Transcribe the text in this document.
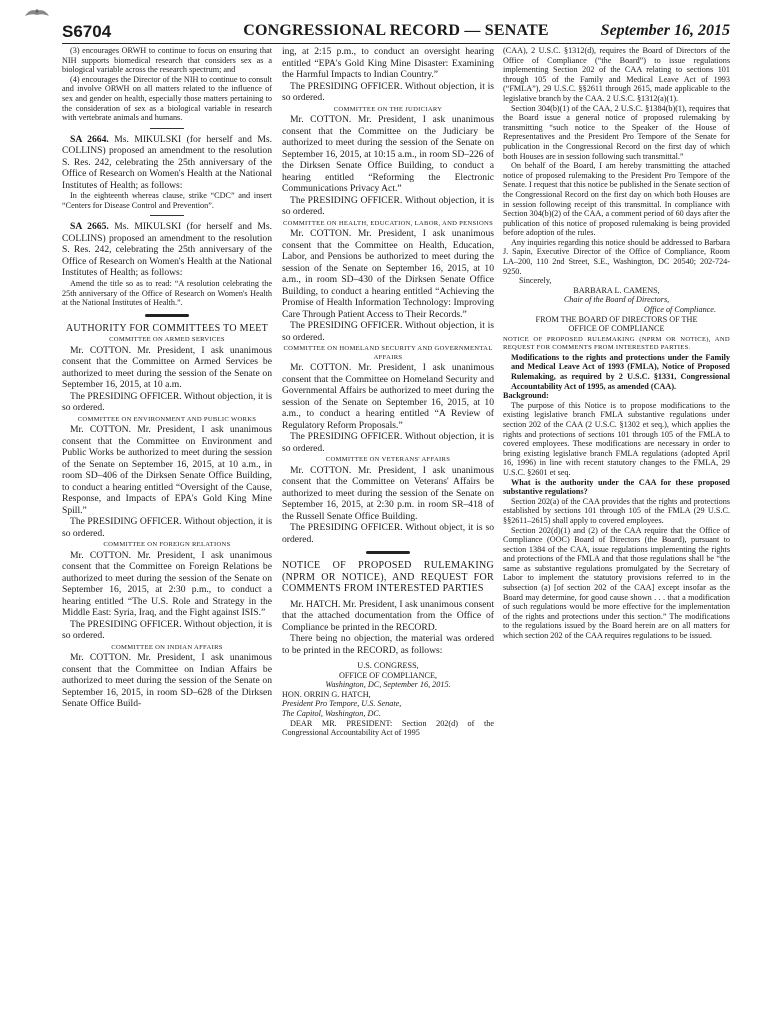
S6704	CONGRESSIONAL RECORD — SENATE	September 16, 2015

(3) encourages ORWH to continue to focus on ensuring that NIH supports biomedical research that considers sex as a biological variable across the research spectrum; and

(4) encourages the Director of the NIH to continue to consult and involve ORWH on all matters related to the influence of sex and gender on health, especially those matters pertaining to the consideration of sex as a biological variable in research with vertebrate animals and humans.

SA 2664. Ms. MIKULSKI (for herself and Ms. COLLINS) proposed an amendment to the resolution S. Res. 242, celebrating the 25th anniversary of the Office of Research on Women's Health at the National Institutes of Health; as follows:

In the eighteenth whereas clause, strike “CDC” and insert “Centers for Disease Control and Prevention”.

SA 2665. Ms. MIKULSKI (for herself and Ms. COLLINS) proposed an amendment to the resolution S. Res. 242, celebrating the 25th anniversary of the Office of Research on Women's Health at the National Institutes of Health; as follows:

Amend the title so as to read: “A resolution celebrating the 25th anniversary of the Office of Research on Women's Health at the National Institutes of Health.”.

AUTHORITY FOR COMMITTEES TO MEET

COMMITTEE ON ARMED SERVICES

Mr. COTTON. Mr. President, I ask unanimous consent that the Committee on Armed Services be authorized to meet during the session of the Senate on September 16, 2015, at 10 a.m.

The PRESIDING OFFICER. Without objection, it is so ordered.

COMMITTEE ON ENVIRONMENT AND PUBLIC WORKS

Mr. COTTON. Mr. President, I ask unanimous consent that the Committee on Environment and Public Works be authorized to meet during the session of the Senate on September 16, 2015, at 10 a.m., in room SD–406 of the Dirksen Senate Office Building, to conduct a hearing entitled “Oversight of the Cause, Response, and Impacts of EPA's Gold King Mine Spill.”

The PRESIDING OFFICER. Without objection, it is so ordered.

COMMITTEE ON FOREIGN RELATIONS

Mr. COTTON. Mr. President, I ask unanimous consent that the Committee on Foreign Relations be authorized to meet during the session of the Senate on September 16, 2015, at 2:30 p.m., to conduct a hearing entitled “The U.S. Role and Strategy in the Middle East: Syria, Iraq, and the Fight against ISIS.”

The PRESIDING OFFICER. Without objection, it is so ordered.

COMMITTEE ON INDIAN AFFAIRS

Mr. COTTON. Mr. President, I ask unanimous consent that the Committee on Indian Affairs be authorized to meet during the session of the Senate on September 16, 2015, in room SD–628 of the Dirksen Senate Office Build-

ing, at 2:15 p.m., to conduct an oversight hearing entitled “EPA's Gold King Mine Disaster: Examining the Harmful Impacts to Indian Country.”

The PRESIDING OFFICER. Without objection, it is so ordered.

COMMITTEE ON THE JUDICIARY

Mr. COTTON. Mr. President, I ask unanimous consent that the Committee on the Judiciary be authorized to meet during the session of the Senate on September 16, 2015, at 10:15 a.m., in room SD–226 of the Dirksen Senate Office Building, to conduct a hearing entitled “Reforming the Electronic Communications Privacy Act.”

The PRESIDING OFFICER. Without objection, it is so ordered.

COMMITTEE ON HEALTH, EDUCATION, LABOR, AND PENSIONS

Mr. COTTON. Mr. President, I ask unanimous consent that the Committee on Health, Education, Labor, and Pensions be authorized to meet during the session of the Senate on September 16, 2015, at 10 a.m., in room SD–430 of the Dirksen Senate Office Building, to conduct a hearing entitled “Achieving the Promise of Health Information Technology: Improving Care Through Patient Access to Their Records.”

The PRESIDING OFFICER. Without objection, it is so ordered.

COMMITTEE ON HOMELAND SECURITY AND GOVERNMENTAL AFFAIRS

Mr. COTTON. Mr. President, I ask unanimous consent that the Committee on Homeland Security and Governmental Affairs be authorized to meet during the session of the Senate on September 16, 2015, at 10 a.m., to conduct a hearing entitled “A Review of Regulatory Reform Proposals.”

The PRESIDING OFFICER. Without objection, it is so ordered.

COMMITTEE ON VETERANS' AFFAIRS

Mr. COTTON. Mr. President, I ask unanimous consent that the Committee on Veterans' Affairs be authorized to meet during the session of the Senate on September 16, 2015, at 2:30 p.m. in room SR–418 of the Russell Senate Office Building.

The PRESIDING OFFICER. Without object, it is so ordered.

NOTICE OF PROPOSED RULEMAKING (NPRM OR NOTICE), AND REQUEST FOR COMMENTS FROM INTERESTED PARTIES

Mr. HATCH. Mr. President, I ask unanimous consent that the attached documentation from the Office of Compliance be printed in the RECORD.

There being no objection, the material was ordered to be printed in the RECORD, as follows:

U.S. CONGRESS,

OFFICE OF COMPLIANCE,

Washington, DC, September 16, 2015.

HON. ORRIN G. HATCH,

President Pro Tempore, U.S. Senate,

The Capitol, Washington, DC.

DEAR MR. PRESIDENT: Section 202(d) of the Congressional Accountability Act of 1995

(CAA), 2 U.S.C. §1312(d), requires the Board of Directors of the Office of Compliance (“the Board”) to issue regulations implementing Section 202 of the CAA relating to sections 101 through 105 of the Family and Medical Leave Act of 1993 (“FMLA”), 29 U.S.C. §§2611 through 2615, made applicable to the legislative branch by the CAA. 2 U.S.C. §1312(a)(1).

Section 304(b)(1) of the CAA, 2 U.S.C. §1384(b)(1), requires that the Board issue a general notice of proposed rulemaking by transmitting “such notice to the Speaker of the House of Representatives and the President Pro Tempore of the Senate for publication in the Congressional Record on the first day of which both Houses are in session following such transmittal.”

On behalf of the Board, I am hereby transmitting the attached notice of proposed rulemaking to the President Pro Tempore of the Senate. I request that this notice be published in the Senate section of the Congressional Record on the first day on which both Houses are in session following receipt of this transmittal. In compliance with Section 304(b)(2) of the CAA, a comment period of 60 days after the publication of this notice of proposed rulemaking is being provided before adoption of the rules.

Any inquiries regarding this notice should be addressed to Barbara J. Sapin, Executive Director of the Office of Compliance, Room LA–200, 110 2nd Street, S.E., Washington, DC 20540; 202-724-9250.

Sincerely,

BARBARA L. CAMENS,

Chair of the Board of Directors,

Office of Compliance.

FROM THE BOARD OF DIRECTORS OF THE

OFFICE OF COMPLIANCE

NOTICE OF PROPOSED RULEMAKING (NPRM OR NOTICE), AND REQUEST FOR COMMENTS FROM INTERESTED PARTIES.

Modifications to the rights and protections under the Family and Medical Leave Act of 1993 (FMLA), Notice of Proposed Rulemaking, as required by 2 U.S.C. §1331, Congressional Accountability Act of 1995, as amended (CAA).

Background:

The purpose of this Notice is to propose modifications to the existing legislative branch FMLA substantive regulations under section 202 of the CAA (2 U.S.C. §1302 et seq.), which applies the rights and protections of sections 101 through 105 of the FMLA to covered employees. These modifications are necessary in order to bring existing legislative branch FMLA regulations (adopted April 16, 1996) in line with recent statutory changes to the FMLA, 29 U.S.C. §2601 et seq.

What is the authority under the CAA for these proposed substantive regulations?

Section 202(a) of the CAA provides that the rights and protections established by sections 101 through 105 of the FMLA (29 U.S.C. §§2611–2615) shall apply to covered employees.

Section 202(d)(1) and (2) of the CAA require that the Office of Compliance (OOC) Board of Directors (the Board), pursuant to section 1384 of the CAA, issue regulations implementing the rights and protections of the FMLA and that those regulations shall be “the same as substantive regulations promulgated by the Secretary of Labor to implement the statutory provisions referred to in the subsection (a) [of section 202 of the CAA] except insofar as the Board may determine, for good cause shown . . . that a modification of such regulations would be more effective for the implementation of the rights and protections under this section.” The modifications to the regulations issued by the Board herein are on all matters for which section 202 of the CAA requires regulations to be issued.
